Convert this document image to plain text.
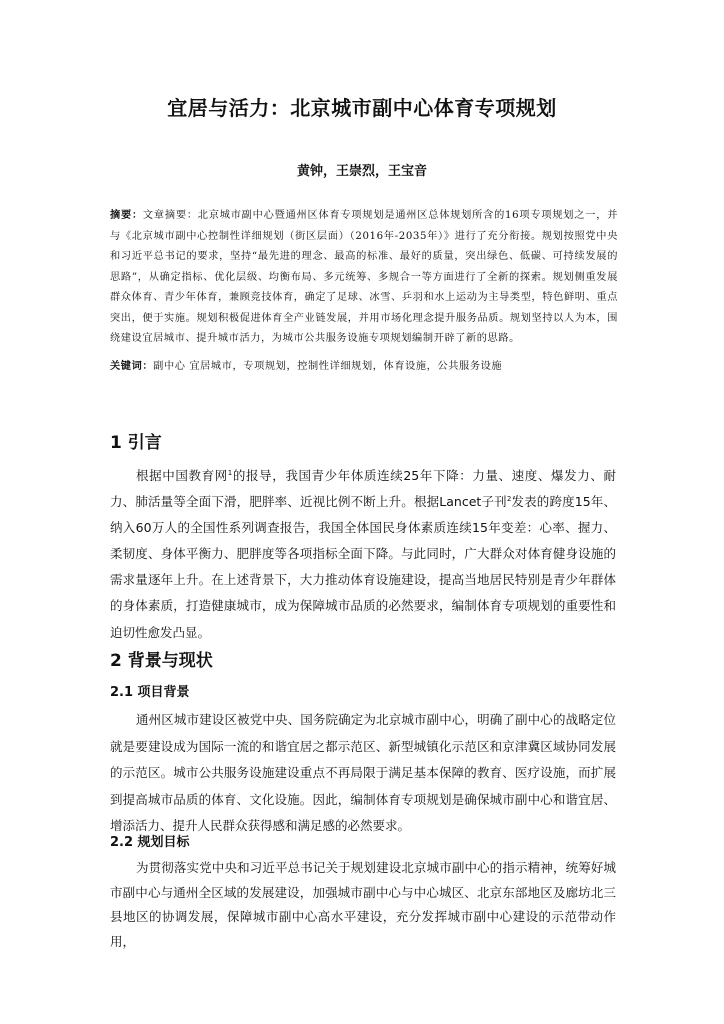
宜居与活力：北京城市副中心体育专项规划
黄钟，王崇烈，王宝音
摘要：文章摘要：北京城市副中心暨通州区体育专项规划是通州区总体规划所含的16项专项规划之一，并与《北京城市副中心控制性详细规划（街区层面）（2016年-2035年）》进行了充分衔接。规划按照党中央和习近平总书记的要求，坚持“最先进的理念、最高的标准、最好的质量，突出绿色、低碳、可持续发展的思路”，从确定指标、优化层级、均衡布局、多元统筹、多规合一等方面进行了全新的探索。规划侧重发展群众体育、青少年体育，兼顾竞技体育，确定了足球、冰雪、乒羽和水上运动为主导类型，特色鲜明、重点突出，便于实施。规划积极促进体育全产业链发展，并用市场化理念提升服务品质。规划坚持以人为本，围绕建设宜居城市、提升城市活力，为城市公共服务设施专项规划编制开辟了新的思路。
关键词：副中心 宜居城市，专项规划，控制性详细规划，体育设施，公共服务设施
1 引言
根据中国教育网$^1$的报导，我国青少年体质连续25年下降：力量、速度、爆发力、耐力、肺活量等全面下滑，肥胖率、近视比例不断上升。根据Lancet子刊$^2$发表的跨度15年、纳入60万人的全国性系列调查报告，我国全体国民身体素质连续15年变差：心率、握力、柔韧度、身体平衡力、肥胖度等各项指标全面下降。与此同时，广大群众对体育健身设施的需求量逐年上升。在上述背景下，大力推动体育设施建设，提高当地居民特别是青少年群体的身体素质，打造健康城市，成为保障城市品质的必然要求，编制体育专项规划的重要性和迫切性愈发凸显。
2 背景与现状
2.1 项目背景
通州区城市建设区被党中央、国务院确定为北京城市副中心，明确了副中心的战略定位就是要建设成为国际一流的和谐宜居之都示范区、新型城镇化示范区和京津冀区域协同发展的示范区。城市公共服务设施建设重点不再局限于满足基本保障的教育、医疗设施，而扩展到提高城市品质的体育、文化设施。因此，编制体育专项规划是确保城市副中心和谐宜居、增添活力、提升人民群众获得感和满足感的必然要求。
2.2 规划目标
为贯彻落实党中央和习近平总书记关于规划建设北京城市副中心的指示精神，统筹好城市副中心与通州全区域的发展建设，加强城市副中心与中心城区、北京东部地区及廊坊北三县地区的协调发展，保障城市副中心高水平建设，充分发挥城市副中心建设的示范带动作用，
